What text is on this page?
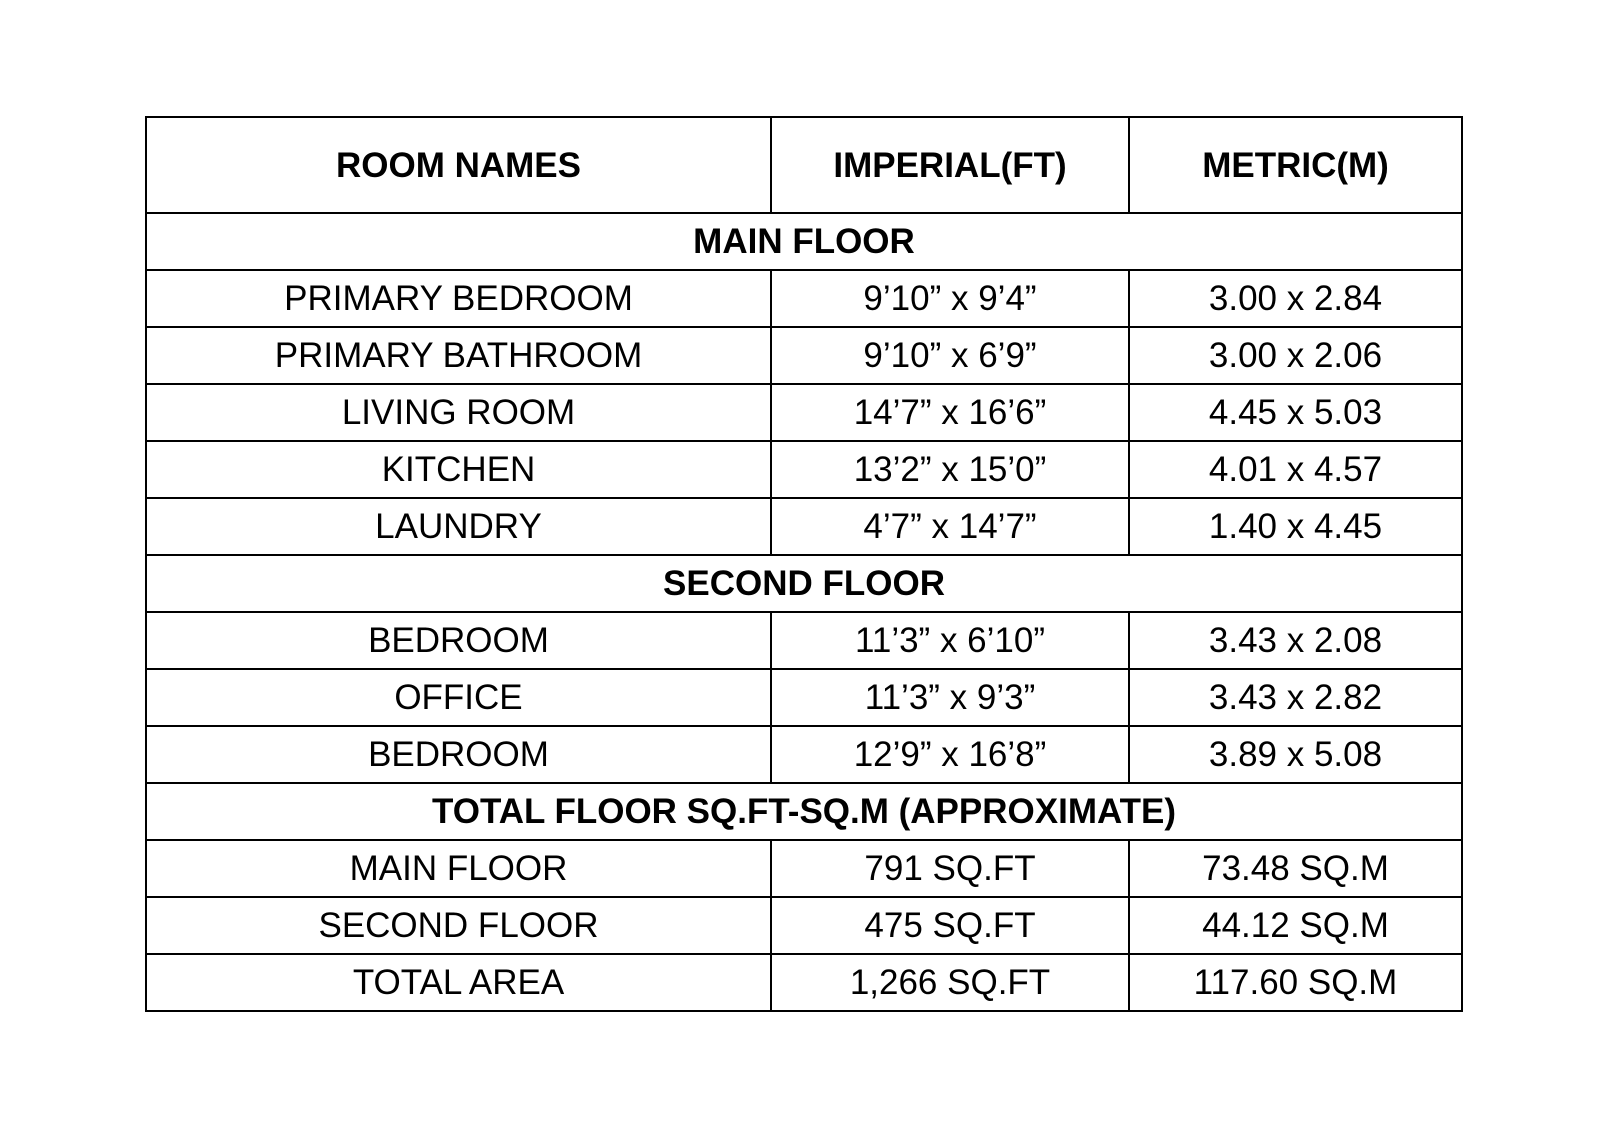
ROOM NAMES	IMPERIAL(FT)	METRIC(M)
MAIN FLOOR		
PRIMARY BEDROOM	9’10” x 9’4”	3.00 x 2.84
PRIMARY BATHROOM	9’10” x 6’9”	3.00 x 2.06
LIVING ROOM	14’7” x 16’6”	4.45 x 5.03
KITCHEN	13’2” x 15’0”	4.01 x 4.57
LAUNDRY	4’7” x 14’7”	1.40 x 4.45
SECOND FLOOR		
BEDROOM	11’3” x 6’10”	3.43 x 2.08
OFFICE	11’3” x 9’3”	3.43 x 2.82
BEDROOM	12’9” x 16’8”	3.89 x 5.08
TOTAL FLOOR SQ.FT-SQ.M (APPROXIMATE)		
MAIN FLOOR	791 SQ.FT	73.48 SQ.M
SECOND FLOOR	475 SQ.FT	44.12 SQ.M
TOTAL AREA	1,266 SQ.FT	117.60 SQ.M
